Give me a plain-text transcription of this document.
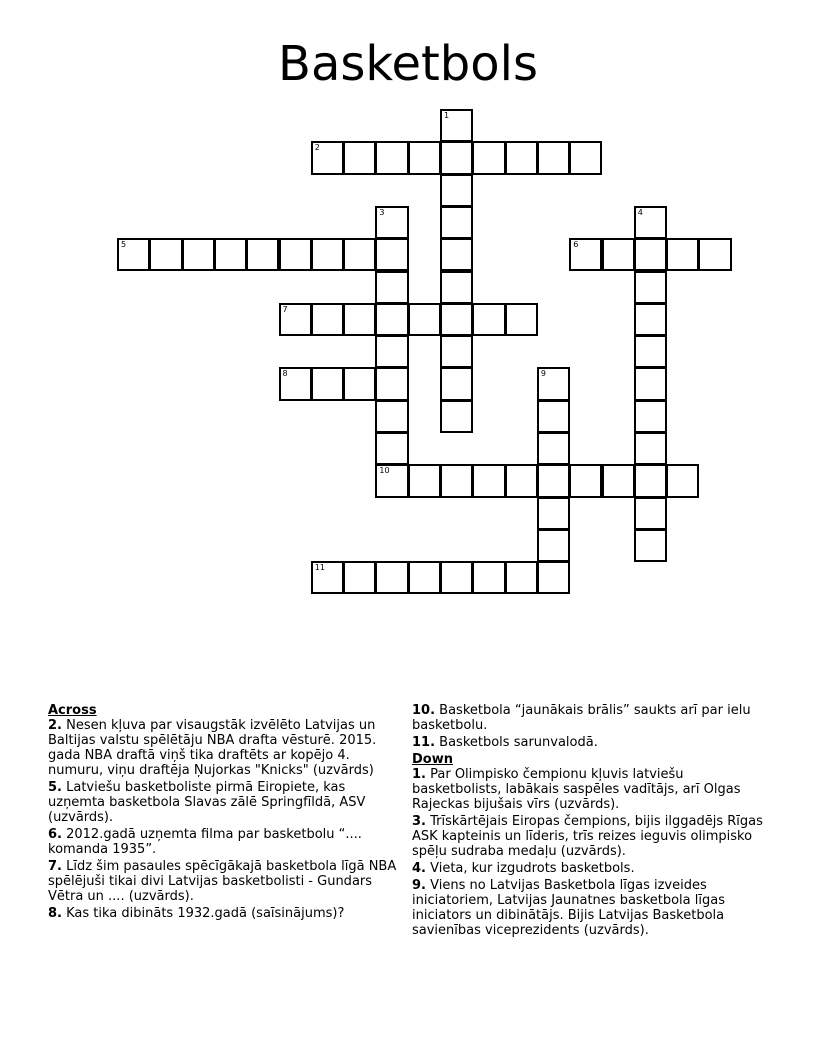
Basketbols
1
2
3	4
5	6
7
8	9
10
11
Across
2. Nesen kļuva par visaugstāk izvēlēto Latvijas un Baltijas valstu spēlētāju NBA drafta vēsturē. 2015. gada NBA draftā viņš tika draftēts ar kopējo 4. numuru, viņu draftēja Ņujorkas "Knicks" (uzvārds)
5. Latviešu basketboliste pirmā Eiropiete, kas uzņemta basketbola Slavas zālē Springfīldā, ASV (uzvārds).
6. 2012.gadā uzņemta filma par basketbolu “.... komanda 1935”.
7. Līdz šim pasaules spēcīgākajā basketbola līgā NBA spēlējuši tikai divi Latvijas basketbolisti - Gundars Vētra un .... (uzvārds).
8. Kas tika dibināts 1932.gadā (saīsinājums)?
10. Basketbola “jaunākais brālis” saukts arī par ielu basketbolu.
11. Basketbols sarunvalodā.
Down
1. Par Olimpisko čempionu kļuvis latviešu basketbolists, labākais saspēles vadītājs, arī Olgas Rajeckas bijušais vīrs (uzvārds).
3. Trīskārtējais Eiropas čempions, bijis ilggadējs Rīgas ASK kapteinis un līderis, trīs reizes ieguvis olimpisko spēļu sudraba medaļu (uzvārds).
4. Vieta, kur izgudrots basketbols.
9. Viens no Latvijas Basketbola līgas izveides iniciatoriem, Latvijas Jaunatnes basketbola līgas iniciators un dibinātājs. Bijis Latvijas Basketbola savienības viceprezidents (uzvārds).
